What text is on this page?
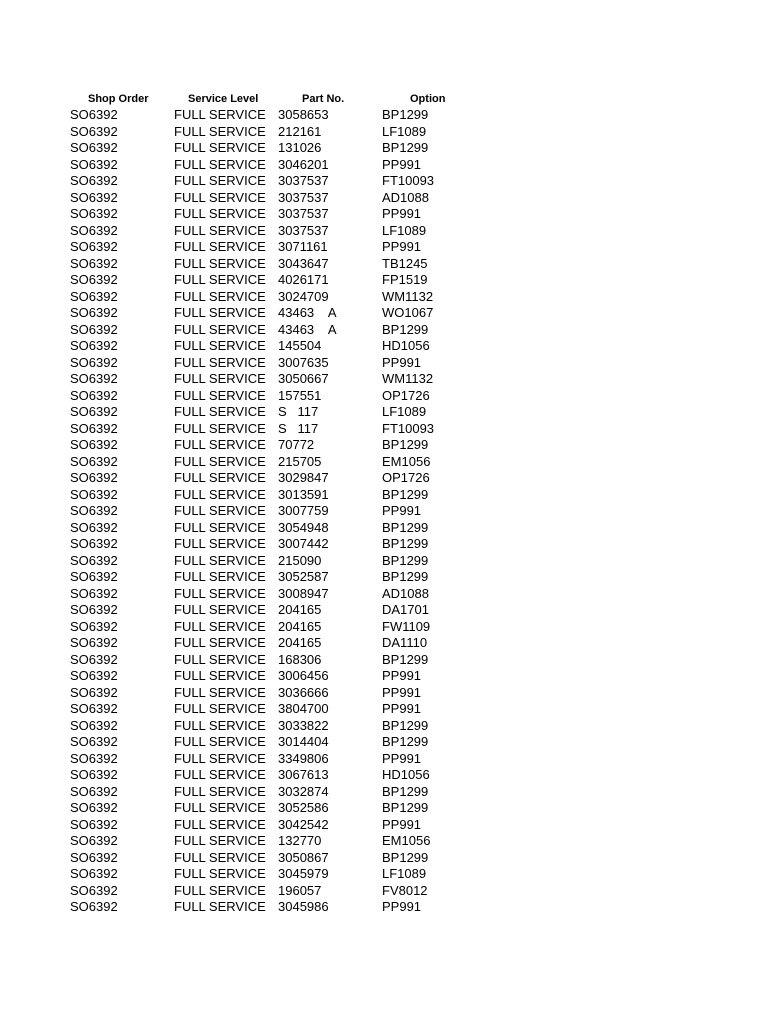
Shop Order	Service Level	Part No.	Option
SO6392	FULL SERVICE 3058653	BP1299
SO6392	FULL SERVICE 212161	LF1089
SO6392	FULL SERVICE 131026	BP1299
SO6392	FULL SERVICE 3046201	PP991
SO6392	FULL SERVICE 3037537	FT10093
SO6392	FULL SERVICE 3037537	AD1088
SO6392	FULL SERVICE 3037537	PP991
SO6392	FULL SERVICE 3037537	LF1089
SO6392	FULL SERVICE 3071161	PP991
SO6392	FULL SERVICE 3043647	TB1245
SO6392	FULL SERVICE 4026171	FP1519
SO6392	FULL SERVICE 3024709	WM1132
SO6392	FULL SERVICE 43463    A	WO1067
SO6392	FULL SERVICE 43463    A	BP1299
SO6392	FULL SERVICE 145504	HD1056
SO6392	FULL SERVICE 3007635	PP991
SO6392	FULL SERVICE 3050667	WM1132
SO6392	FULL SERVICE 157551	OP1726
SO6392	FULL SERVICE S   117	LF1089
SO6392	FULL SERVICE S   117	FT10093
SO6392	FULL SERVICE 70772	BP1299
SO6392	FULL SERVICE 215705	EM1056
SO6392	FULL SERVICE 3029847	OP1726
SO6392	FULL SERVICE 3013591	BP1299
SO6392	FULL SERVICE 3007759	PP991
SO6392	FULL SERVICE 3054948	BP1299
SO6392	FULL SERVICE 3007442	BP1299
SO6392	FULL SERVICE 215090	BP1299
SO6392	FULL SERVICE 3052587	BP1299
SO6392	FULL SERVICE 3008947	AD1088
SO6392	FULL SERVICE 204165	DA1701
SO6392	FULL SERVICE 204165	FW1109
SO6392	FULL SERVICE 204165	DA1110
SO6392	FULL SERVICE 168306	BP1299
SO6392	FULL SERVICE 3006456	PP991
SO6392	FULL SERVICE 3036666	PP991
SO6392	FULL SERVICE 3804700	PP991
SO6392	FULL SERVICE 3033822	BP1299
SO6392	FULL SERVICE 3014404	BP1299
SO6392	FULL SERVICE 3349806	PP991
SO6392	FULL SERVICE 3067613	HD1056
SO6392	FULL SERVICE 3032874	BP1299
SO6392	FULL SERVICE 3052586	BP1299
SO6392	FULL SERVICE 3042542	PP991
SO6392	FULL SERVICE 132770	EM1056
SO6392	FULL SERVICE 3050867	BP1299
SO6392	FULL SERVICE 3045979	LF1089
SO6392	FULL SERVICE 196057	FV8012
SO6392	FULL SERVICE 3045986	PP991
